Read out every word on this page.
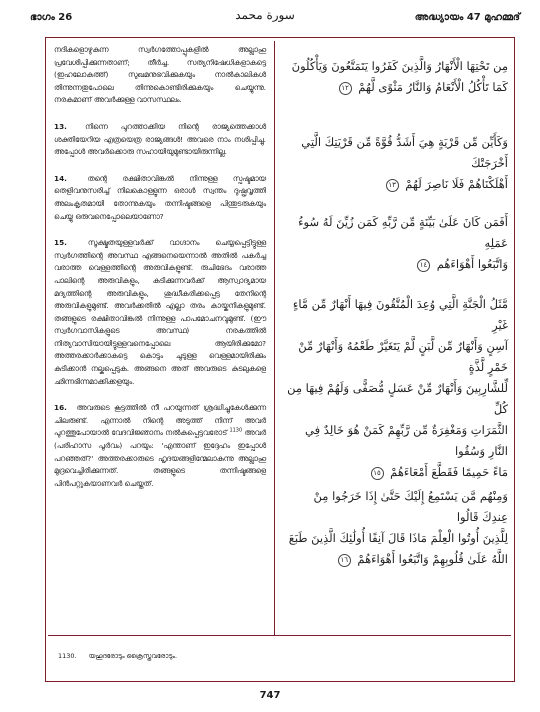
ഭാഗം 26	سورة محمد	അദ്ധ്യായം 47 മുഹമ്മദ്

നദികളൊഴുകുന്ന സ്വർഗത്തോപ്പുകളിൽ അല്ലാഹു പ്രവേശിപ്പിക്കുന്നതാണ്; തീർച്ച. സത്യനിഷേധികളാകട്ടെ (ഇഹലോകത്ത്) സുഖമനുഭവിക്കുകയും നാൽകാലികൾ തിന്നുന്നതുപോലെ തിന്നുകൊണ്ടിരിക്കുകയും ചെയ്യുന്നു. നരകമാണ് അവർക്കുള്ള വാസസ്ഥലം.

13. നിന്നെ പുറത്താക്കിയ നിന്റെ രാജ്യത്തെക്കാൾ ശക്തിയേറിയ എത്രയെത്ര രാജ്യങ്ങൾ! അവരെ നാം നശിപ്പിച്ചു. അപ്പോൾ അവർക്കൊരു സഹായിയുമുണ്ടായിരുന്നില്ല.

14.	തന്റെ രക്ഷിതാവിങ്കൽ നിന്നുള്ള സ്പഷ്ടമായ തെളിവനുസരിച്ച് നിലകൊള്ളുന്ന ഒരാൾ സ്വന്തം ദുഷ്പ്രവൃത്തി അലംകൃതമായി തോന്നുകയും തന്നിഷ്ടങ്ങളെ പിന്തുടരുകയും ചെയ്യു ഒരുവനെപ്പോലെയാണോ?

15.	സൂക്ഷ്മതയുള്ളവർക്ക് വാഗ്ദാനം ചെയ്യപ്പെട്ടിട്ടുള്ള സ്വർഗത്തിന്റെ അവസ്ഥ എങ്ങനെയെന്നാൽ അതിൽ പകർച്ച വരാത്ത വെള്ളത്തിന്റെ അരുവികളുണ്ട്. രുചിഭേദം വരാത്ത പാലിന്റെ അരുവികളും, കുടിക്കുന്നവർക്ക് ആസ്വാദ്യമായ മദ്യത്തിന്റെ അരുവികളും, ശുദ്ധീകരിക്കപ്പെട്ട തേനിന്റെ അരുവികളുമുണ്ട്. അവർക്കതിൽ എല്ലാ തരം കായ്കനികളുമുണ്ട്. തങ്ങളുടെ രക്ഷിതാവിങ്കൽ നിന്നുള്ള പാപമോചനവുമുണ്ട്. (ഈ സ്വർഗവാസികളുടെ അവസ്ഥ) നരകത്തിൽ നിത്യവാസിയായിട്ടുള്ളവനെപ്പോലെ ആയിരിക്കുമോ? അത്തരക്കാർക്കാകട്ടെ കൊടും ചുടുള്ള വെള്ളമായിരിക്കും കുടിക്കാൻ നല്കപ്പെടുക. അങ്ങനെ അത് അവരുടെ കുടലുകളെ ഛിന്നഭിന്നമാക്കിക്കളയും.

16. അവരുടെ കൂട്ടത്തിൽ നീ പറയുന്നത് ശ്രദ്ധിച്ചുകേൾക്കുന്ന ചിലരുണ്ട്. എന്നാൽ നിന്റെ അടുത്ത് നിന്ന് അവർ പുറത്തുപോയാൽ വേദവിജ്ഞാനം നൽകപ്പെട്ടവരോട് $^{1130}$ അവർ (പരിഹാസ പൂർവം) പറയും: 'എന്താണ് ഇദ്ദേഹം ഇപ്പോൾ പറഞ്ഞത്?' അത്തരക്കാരുടെ ഹൃദയങ്ങളിന്മേലാകുന്നു അല്ലാഹു മുദ്രവെച്ചിരിക്കുന്നത്. തങ്ങളുടെ തന്നിഷ്ടങ്ങളെ പിൻപറ്റുകയാണവർ ചെയ്തത്.

مِن تَحْتِهَا الْأَنْهَارُ وَالَّذِينَ كَفَرُوا يَتَمَتَّعُونَ وَيَأْكُلُونَ
كَمَا تَأْكُلُ الْأَنْعَامُ وَالنَّارُ مَثْوًى لَّهُمْ ١٢
وَكَأَيِّن مِّن قَرْيَةٍ هِيَ أَشَدُّ قُوَّةً مِّن قَرْيَتِكَ الَّتِي أَخْرَجَتْكَ
أَهْلَكْنَاهُمْ فَلَا نَاصِرَ لَهُمْ ١٣
أَفَمَن كَانَ عَلَىٰ بَيِّنَةٍ مِّن رَّبِّهِ كَمَن زُيِّنَ لَهُ سُوءُ عَمَلِهِ
وَاتَّبَعُوا أَهْوَاءَهُم ١٤
مَّثَلُ الْجَنَّةِ الَّتِي وُعِدَ الْمُتَّقُونَ فِيهَا أَنْهَارٌ مِّن مَّاءٍ غَيْرِ
آسِنٍ وَأَنْهَارٌ مِّن لَّبَنٍ لَّمْ يَتَغَيَّرْ طَعْمُهُ وَأَنْهَارٌ مِّنْ خَمْرٍ لَّذَّةٍ
لِّلشَّارِبِينَ وَأَنْهَارٌ مِّنْ عَسَلٍ مُّصَفًّى وَلَهُمْ فِيهَا مِن كُلِّ
الثَّمَرَاتِ وَمَغْفِرَةٌ مِّن رَّبِّهِمْ كَمَنْ هُوَ خَالِدٌ فِي النَّارِ وَسُقُوا
مَاءً حَمِيمًا فَقَطَّعَ أَمْعَاءَهُمْ ١٥
وَمِنْهُم مَّن يَسْتَمِعُ إِلَيْكَ حَتَّىٰ إِذَا خَرَجُوا مِنْ عِندِكَ قَالُوا
لِلَّذِينَ أُوتُوا الْعِلْمَ مَاذَا قَالَ آنِفًا أُولَٰئِكَ الَّذِينَ طَبَعَ
اللَّهُ عَلَىٰ قُلُوبِهِمْ وَاتَّبَعُوا أَهْوَاءَهُمْ ١٦
1130. യഹൂദരോടും ക്രൈസ്തവരോടും.
747
